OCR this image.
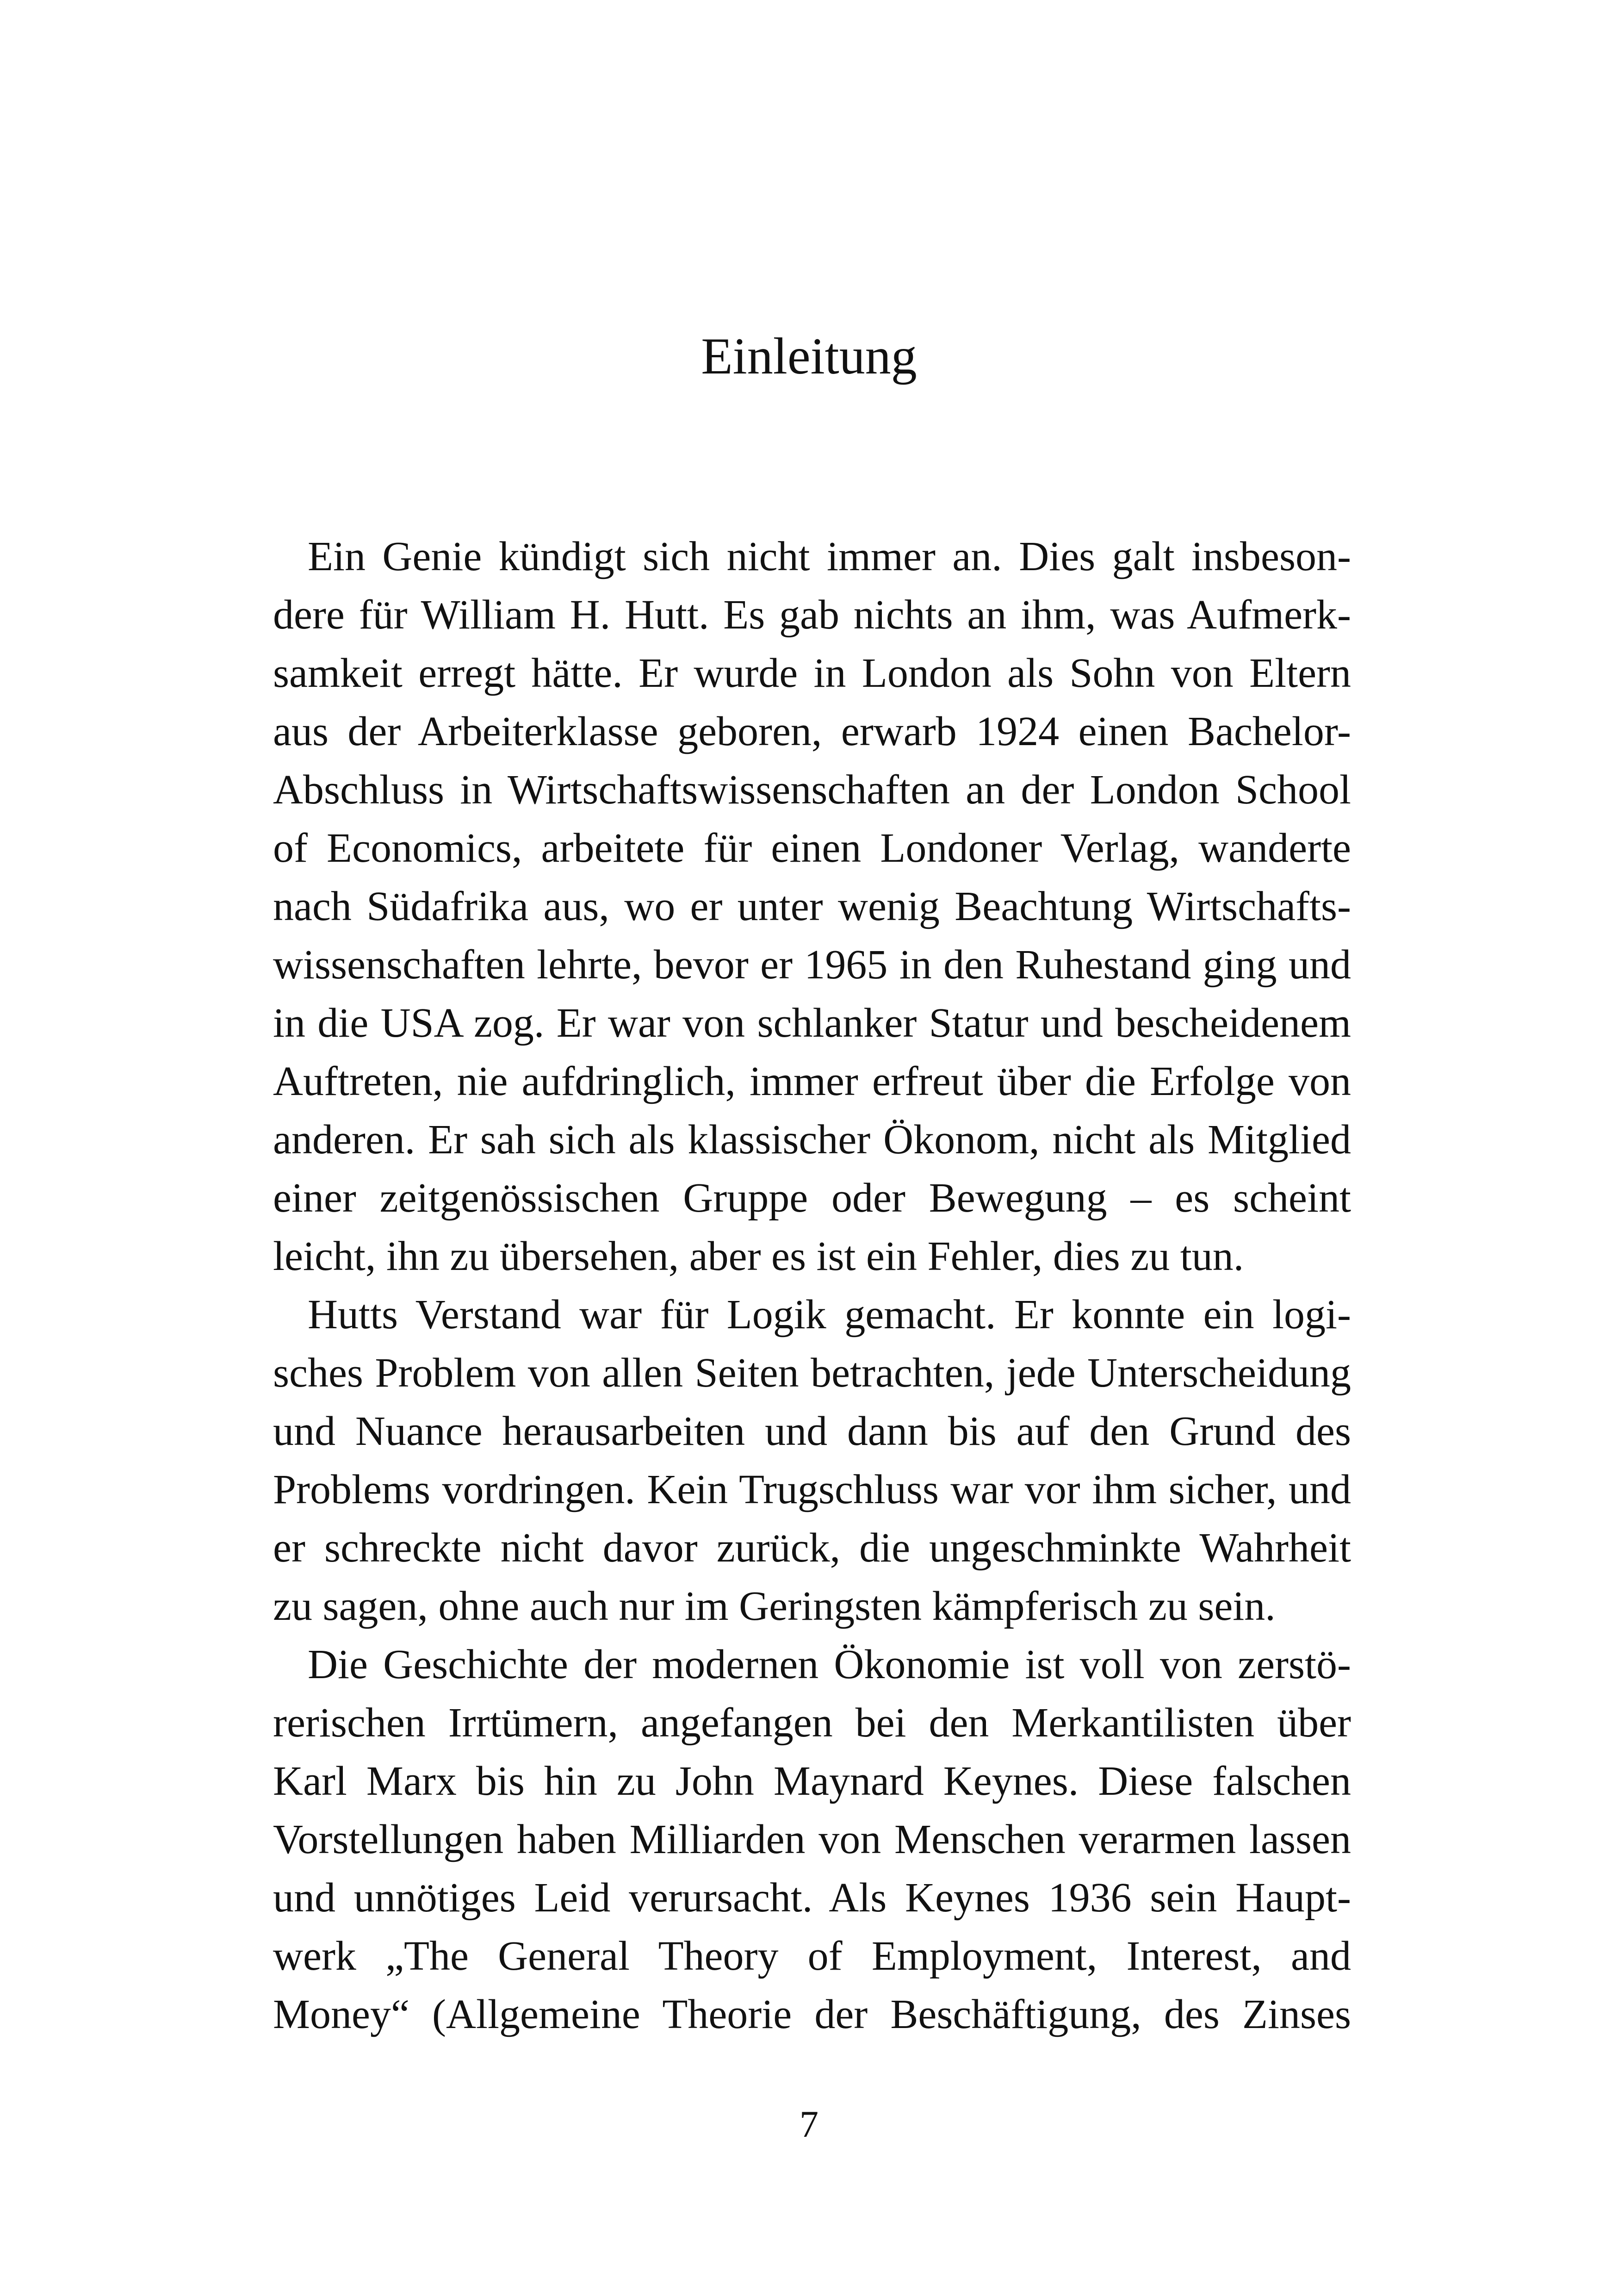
Einleitung

Ein Genie kündigt sich nicht immer an. Dies galt insbeson-
dere für William H. Hutt. Es gab nichts an ihm, was Aufmerk-
samkeit erregt hätte. Er wurde in London als Sohn von Eltern
aus der Arbeiterklasse geboren, erwarb 1924 einen Bachelor-
Abschluss in Wirtschaftswissenschaften an der London School
of Economics, arbeitete für einen Londoner Verlag, wanderte
nach Südafrika aus, wo er unter wenig Beachtung Wirtschafts-
wissenschaften lehrte, bevor er 1965 in den Ruhestand ging und
in die USA zog. Er war von schlanker Statur und bescheidenem
Auftreten, nie aufdringlich, immer erfreut über die Erfolge von
anderen. Er sah sich als klassischer Ökonom, nicht als Mitglied
einer zeitgenössischen Gruppe oder Bewegung – es scheint
leicht, ihn zu übersehen, aber es ist ein Fehler, dies zu tun.

Hutts Verstand war für Logik gemacht. Er konnte ein logi-
sches Problem von allen Seiten betrachten, jede Unterscheidung
und Nuance herausarbeiten und dann bis auf den Grund des
Problems vordringen. Kein Trugschluss war vor ihm sicher, und
er schreckte nicht davor zurück, die ungeschminkte Wahrheit
zu sagen, ohne auch nur im Geringsten kämpferisch zu sein.

Die Geschichte der modernen Ökonomie ist voll von zerstö-
rerischen Irrtümern, angefangen bei den Merkantilisten über
Karl Marx bis hin zu John Maynard Keynes. Diese falschen
Vorstellungen haben Milliarden von Menschen verarmen lassen
und unnötiges Leid verursacht. Als Keynes 1936 sein Haupt-
werk „The General Theory of Employment, Interest, and
Money“ (Allgemeine Theorie der Beschäftigung, des Zinses

7
